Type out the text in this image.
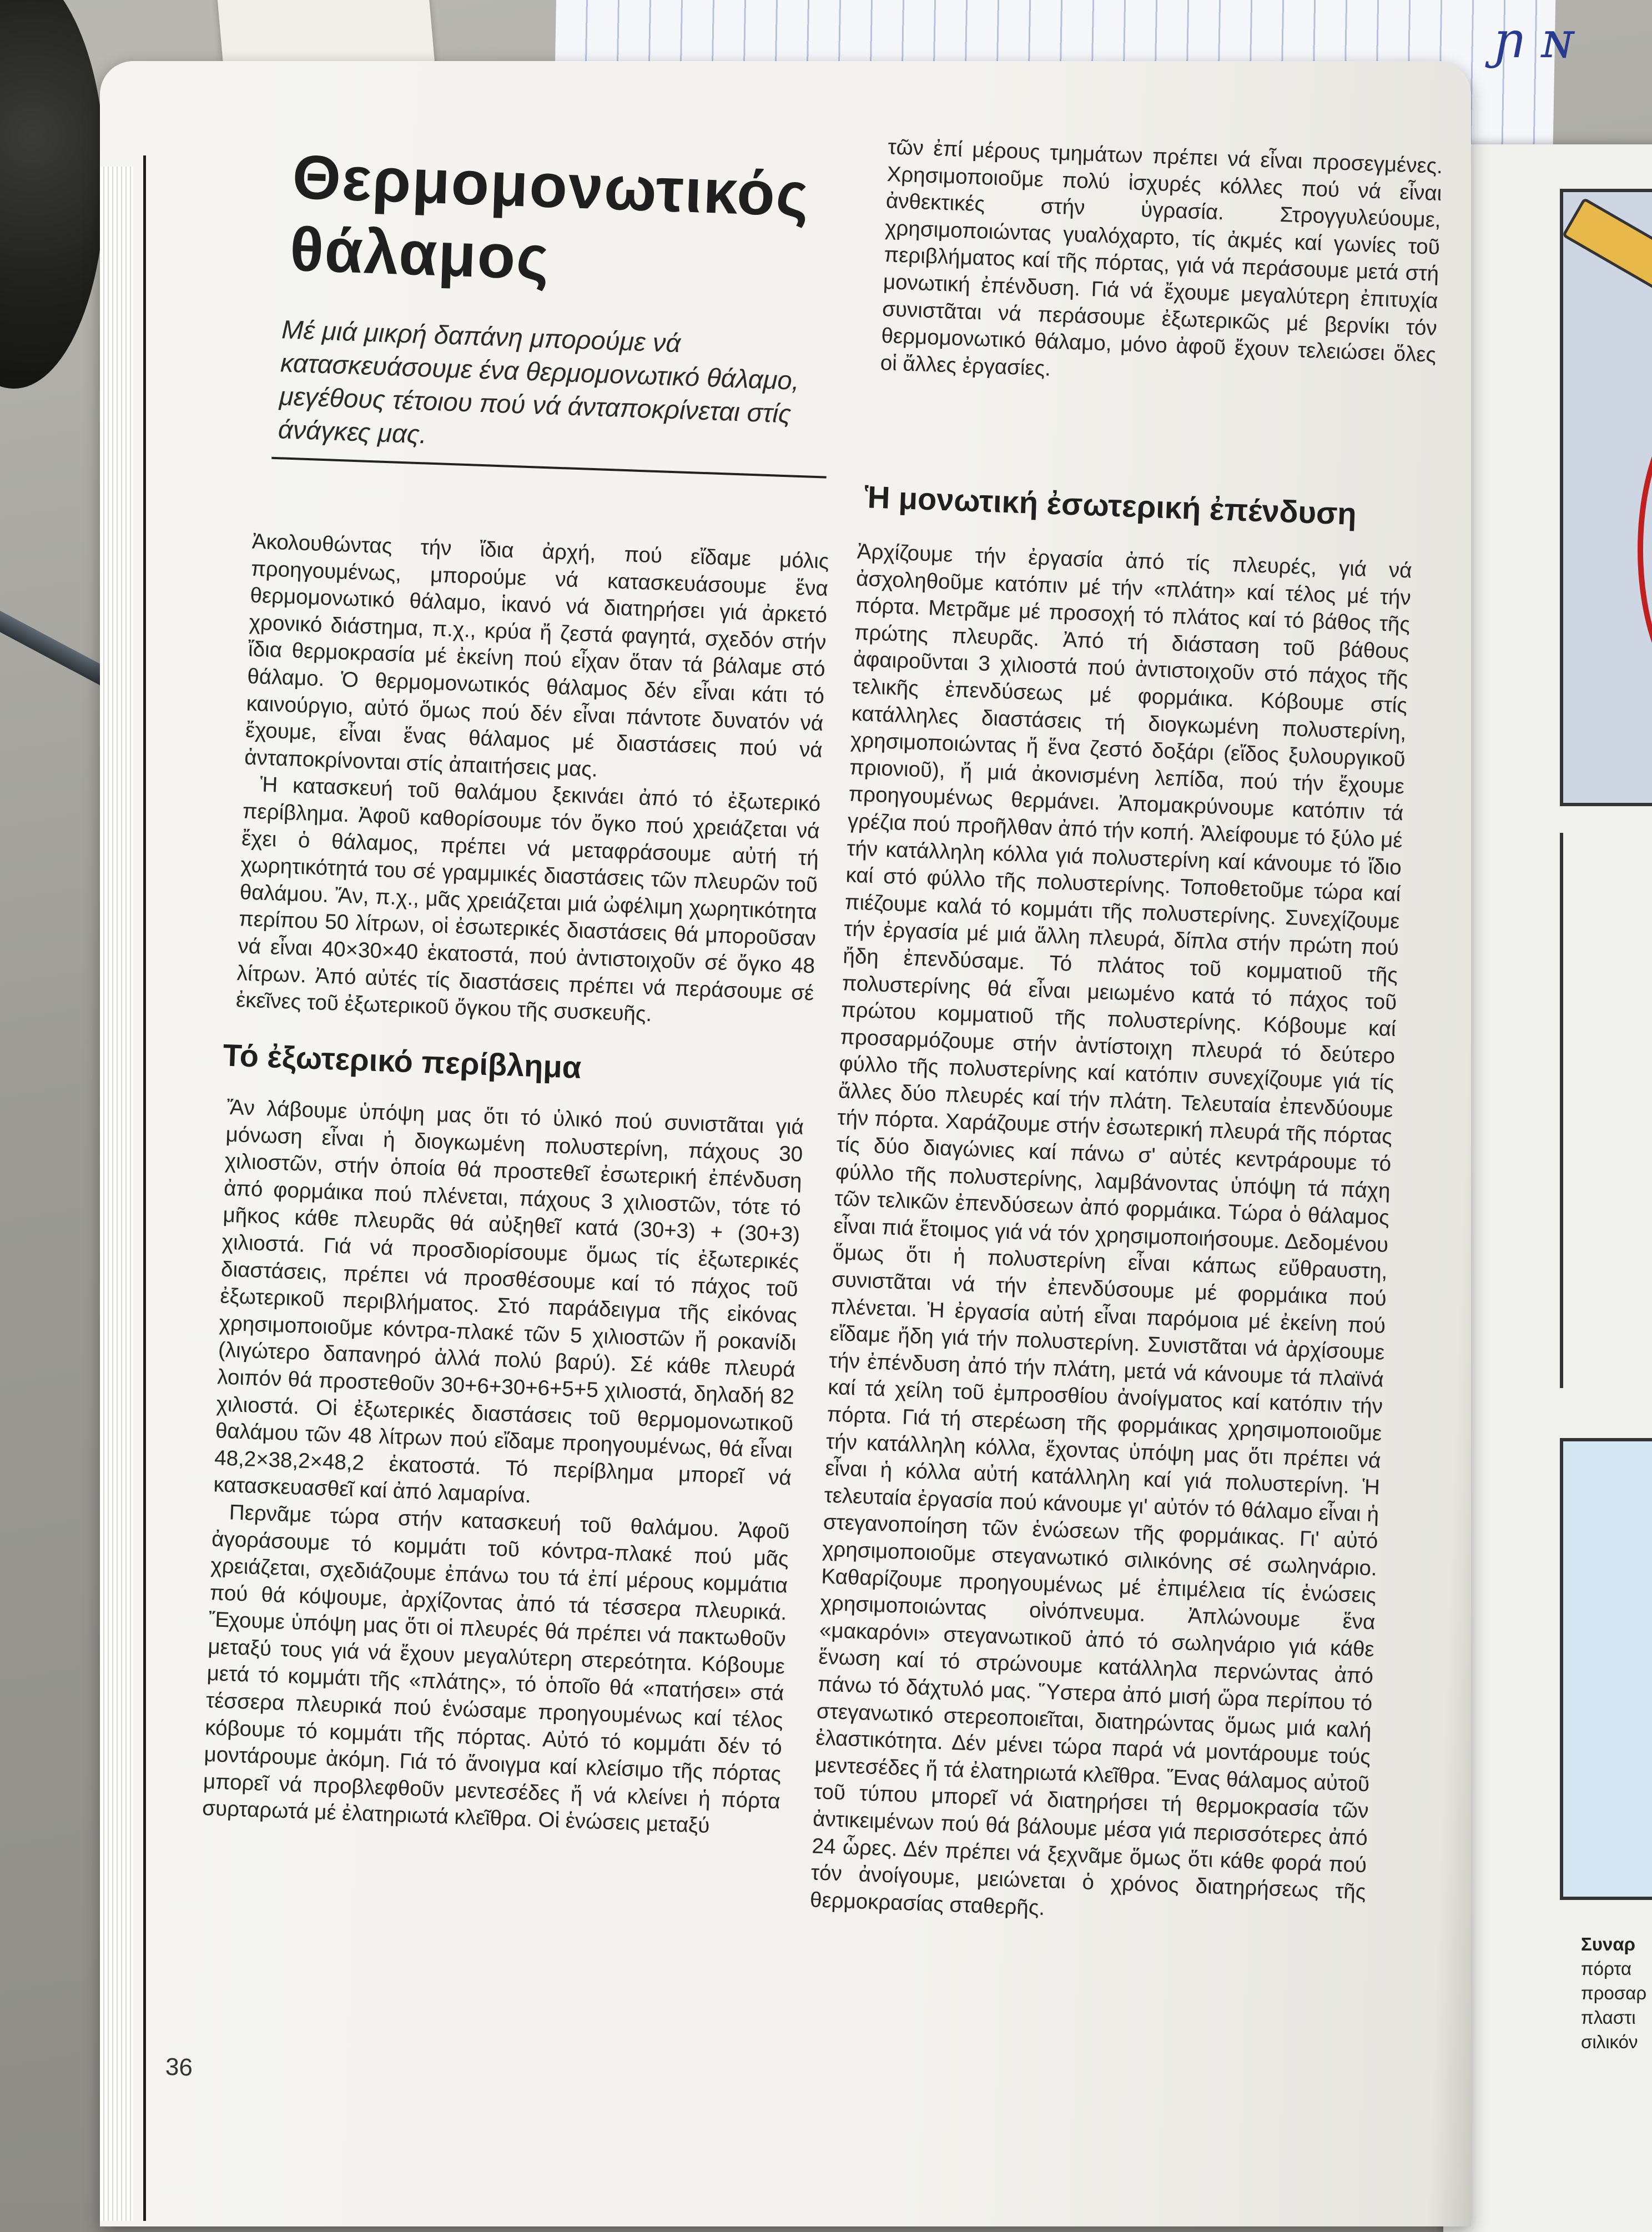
ɲ ɴ
Συναρ
πόρτα
προσαρ
πλαστι
σιλικόν
Θερμομονωτικός θάλαμος

Μέ μιά μικρή δαπάνη μπορούμε νά κατασκευάσουμε ένα θερμομονωτικό θάλαμο, μεγέθους τέτοιου πού νά άνταποκρίνεται στίς άνάγκες μας.

Ἀκολουθώντας τήν ἴδια ἀρχή, πού εἴδαμε μόλις προηγουμένως, μπορούμε νά κατασκευάσουμε ἕνα θερμομονωτικό θάλαμο, ἱκανό νά διατηρήσει γιά ἀρκετό χρονικό διάστημα, π.χ., κρύα ἤ ζεστά φαγητά, σχεδόν στήν ἴδια θερμοκρασία μέ ἐκείνη πού εἶχαν ὅταν τά βάλαμε στό θάλαμο. Ὁ θερμομονωτικός θάλαμος δέν εἶναι κάτι τό καινούργιο, αὐτό ὅμως πού δέν εἶναι πάντοτε δυνατόν νά ἔχουμε, εἶναι ἕνας θάλαμος μέ διαστάσεις πού νά ἀνταποκρίνονται στίς ἀπαιτήσεις μας.

Ἡ κατασκευή τοῦ θαλάμου ξεκινάει ἀπό τό ἐξωτερικό περίβλημα. Ἀφοῦ καθορίσουμε τόν ὄγκο πού χρειάζεται νά ἔχει ὁ θάλαμος, πρέπει νά μεταφράσουμε αὐτή τή χωρητικότητά του σέ γραμμικές διαστάσεις τῶν πλευρῶν τοῦ θαλάμου. Ἄν, π.χ., μᾶς χρειάζεται μιά ὠφέλιμη χωρητικότητα περίπου 50 λίτρων, οἱ ἐσωτερικές διαστάσεις θά μποροῦσαν νά εἶναι 40×30×40 ἑκατοστά, πού ἀντιστοιχοῦν σέ ὄγκο 48 λίτρων. Ἀπό αὐτές τίς διαστάσεις πρέπει νά περάσουμε σέ ἐκεῖνες τοῦ ἐξωτερικοῦ ὄγκου τῆς συσκευῆς.

Τό ἐξωτερικό περίβλημα

Ἄν λάβουμε ὑπόψη μας ὅτι τό ὑλικό πού συνιστᾶται γιά μόνωση εἶναι ἡ διογκωμένη πολυστερίνη, πάχους 30 χιλιοστῶν, στήν ὁποία θά προστεθεῖ ἐσωτερική ἐπένδυση ἀπό φορμάικα πού πλένεται, πάχους 3 χιλιοστῶν, τότε τό μῆκος κάθε πλευρᾶς θά αὐξηθεῖ κατά (30+3) + (30+3) χιλιοστά. Γιά νά προσδιορίσουμε ὅμως τίς ἐξωτερικές διαστάσεις, πρέπει νά προσθέσουμε καί τό πάχος τοῦ ἐξωτερικοῦ περιβλήματος. Στό παράδειγμα τῆς εἰκόνας χρησιμοποιοῦμε κόντρα-πλακέ τῶν 5 χιλιοστῶν ἤ ροκανίδι (λιγώτερο δαπανηρό ἀλλά πολύ βαρύ). Σέ κάθε πλευρά λοιπόν θά προστεθοῦν 30+6+30+6+5+5 χιλιοστά, δηλαδή 82 χιλιοστά. Οἱ ἐξωτερικές διαστάσεις τοῦ θερμομονωτικοῦ θαλάμου τῶν 48 λίτρων πού εἴδαμε προηγουμένως, θά εἶναι 48,2×38,2×48,2 ἑκατοστά. Τό περίβλημα μπορεῖ νά κατασκευασθεῖ καί ἀπό λαμαρίνα.

Περνᾶμε τώρα στήν κατασκευή τοῦ θαλάμου. Ἀφοῦ ἀγοράσουμε τό κομμάτι τοῦ κόντρα-πλακέ πού μᾶς χρειάζεται, σχεδιάζουμε ἐπάνω του τά ἐπί μέρους κομμάτια πού θά κόψουμε, ἀρχίζοντας ἀπό τά τέσσερα πλευρικά. Ἔχουμε ὑπόψη μας ὅτι οἱ πλευρές θά πρέπει νά πακτωθοῦν μεταξύ τους γιά νά ἔχουν μεγαλύτερη στερεότητα. Κόβουμε μετά τό κομμάτι τῆς «πλάτης», τό ὁποῖο θά «πατήσει» στά τέσσερα πλευρικά πού ἑνώσαμε προηγουμένως καί τέλος κόβουμε τό κομμάτι τῆς πόρτας. Αὐτό τό κομμάτι δέν τό μοντάρουμε ἀκόμη. Γιά τό ἄνοιγμα καί κλείσιμο τῆς πόρτας μπορεῖ νά προβλεφθοῦν μεντεσέδες ἤ νά κλείνει ἡ πόρτα συρταρωτά μέ ἐλατηριωτά κλεῖθρα. Οἱ ἑνώσεις μεταξύ

τῶν ἐπί μέρους τμημάτων πρέπει νά εἶναι προσεγμένες. Χρησιμοποιοῦμε πολύ ἰσχυρές κόλλες πού νά εἶναι ἀνθεκτικές στήν ὑγρασία. Στρογγυλεύουμε, χρησιμοποιώντας γυαλόχαρτο, τίς ἀκμές καί γωνίες τοῦ περιβλήματος καί τῆς πόρτας, γιά νά περάσουμε μετά στή μονωτική ἐπένδυση. Γιά νά ἔχουμε μεγαλύτερη ἐπιτυχία συνιστᾶται νά περάσουμε ἐξωτερικῶς μέ βερνίκι τόν θερμομονωτικό θάλαμο, μόνο ἀφοῦ ἔχουν τελειώσει ὅλες οἱ ἄλλες ἐργασίες.

Ἡ μονωτική ἐσωτερική ἐπένδυση

Ἀρχίζουμε τήν ἐργασία ἀπό τίς πλευρές, γιά νά ἀσχοληθοῦμε κατόπιν μέ τήν «πλάτη» καί τέλος μέ τήν πόρτα. Μετρᾶμε μέ προσοχή τό πλάτος καί τό βάθος τῆς πρώτης πλευρᾶς. Ἀπό τή διάσταση τοῦ βάθους ἀφαιροῦνται 3 χιλιοστά πού ἀντιστοιχοῦν στό πάχος τῆς τελικῆς ἐπενδύσεως μέ φορμάικα. Κόβουμε στίς κατάλληλες διαστάσεις τή διογκωμένη πολυστερίνη, χρησιμοποιώντας ἤ ἕνα ζεστό δοξάρι (εἴδος ξυλουργικοῦ πριονιοῦ), ἤ μιά ἀκονισμένη λεπίδα, πού τήν ἔχουμε προηγουμένως θερμάνει. Ἀπομακρύνουμε κατόπιν τά γρέζια πού προῆλθαν ἀπό τήν κοπή. Ἀλείφουμε τό ξύλο μέ τήν κατάλληλη κόλλα γιά πολυστερίνη καί κάνουμε τό ἴδιο καί στό φύλλο τῆς πολυστερίνης. Τοποθετοῦμε τώρα καί πιέζουμε καλά τό κομμάτι τῆς πολυστερίνης. Συνεχίζουμε τήν ἐργασία μέ μιά ἄλλη πλευρά, δίπλα στήν πρώτη πού ἤδη ἐπενδύσαμε. Τό πλάτος τοῦ κομματιοῦ τῆς πολυστερίνης θά εἶναι μειωμένο κατά τό πάχος τοῦ πρώτου κομματιοῦ τῆς πολυστερίνης. Κόβουμε καί προσαρμόζουμε στήν ἀντίστοιχη πλευρά τό δεύτερο φύλλο τῆς πολυστερίνης καί κατόπιν συνεχίζουμε γιά τίς ἄλλες δύο πλευρές καί τήν πλάτη. Τελευταία ἐπενδύουμε τήν πόρτα. Χαράζουμε στήν ἐσωτερική πλευρά τῆς πόρτας τίς δύο διαγώνιες καί πάνω σ' αὐτές κεντράρουμε τό φύλλο τῆς πολυστερίνης, λαμβάνοντας ὑπόψη τά πάχη τῶν τελικῶν ἐπενδύσεων ἀπό φορμάικα. Τώρα ὁ θάλαμος εἶναι πιά ἕτοιμος γιά νά τόν χρησιμοποιήσουμε. Δεδομένου ὅμως ὅτι ἡ πολυστερίνη εἶναι κάπως εὔθραυστη, συνιστᾶται νά τήν ἐπενδύσουμε μέ φορμάικα πού πλένεται. Ἡ ἐργασία αὐτή εἶναι παρόμοια μέ ἐκείνη πού εἴδαμε ἤδη γιά τήν πολυστερίνη. Συνιστᾶται νά ἀρχίσουμε τήν ἐπένδυση ἀπό τήν πλάτη, μετά νά κάνουμε τά πλαϊνά καί τά χείλη τοῦ ἐμπροσθίου ἀνοίγματος καί κατόπιν τήν πόρτα. Γιά τή στερέωση τῆς φορμάικας χρησιμοποιοῦμε τήν κατάλληλη κόλλα, ἔχοντας ὑπόψη μας ὅτι πρέπει νά εἶναι ἡ κόλλα αὐτή κατάλληλη καί γιά πολυστερίνη. Ἡ τελευταία ἐργασία πού κάνουμε γι' αὐτόν τό θάλαμο εἶναι ἡ στεγανοποίηση τῶν ἑνώσεων τῆς φορμάικας. Γι' αὐτό χρησιμοποιοῦμε στεγανωτικό σιλικόνης σέ σωληνάριο. Καθαρίζουμε προηγουμένως μέ ἐπιμέλεια τίς ἑνώσεις χρησιμοποιώντας οἰνόπνευμα. Ἀπλώνουμε ἕνα «μακαρόνι» στεγανωτικοῦ ἀπό τό σωληνάριο γιά κάθε ἕνωση καί τό στρώνουμε κατάλληλα περνώντας ἀπό πάνω τό δάχτυλό μας. Ὕστερα ἀπό μισή ὥρα περίπου τό στεγανωτικό στερεοποιεῖται, διατηρώντας ὅμως μιά καλή ἐλαστικότητα. Δέν μένει τώρα παρά νά μοντάρουμε τούς μεντεσέδες ἤ τά ἐλατηριωτά κλεῖθρα. Ἕνας θάλαμος αὐτοῦ τοῦ τύπου μπορεῖ νά διατηρήσει τή θερμοκρασία τῶν ἀντικειμένων πού θά βάλουμε μέσα γιά περισσότερες ἀπό 24 ὧρες. Δέν πρέπει νά ξεχνᾶμε ὅμως ὅτι κάθε φορά πού τόν ἀνοίγουμε, μειώνεται ὁ χρόνος διατηρήσεως τῆς θερμοκρασίας σταθερῆς.

36
